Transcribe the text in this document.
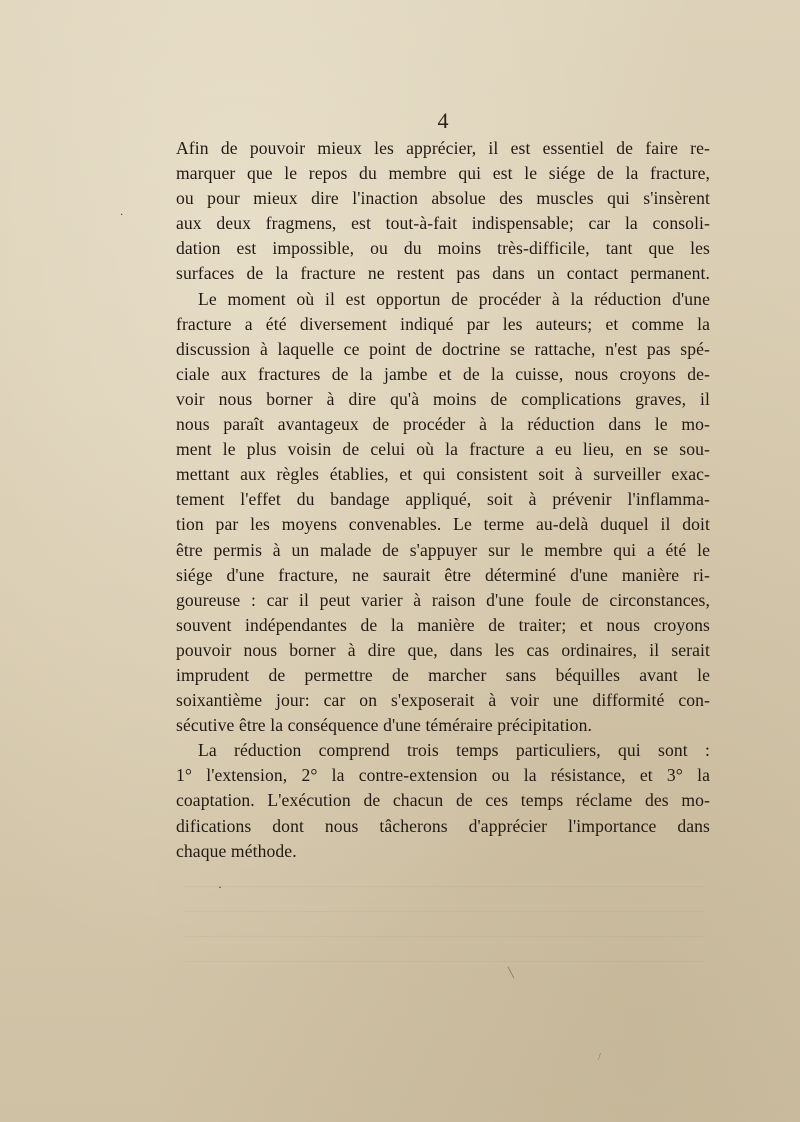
4
Afin de pouvoir mieux les apprécier, il est essentiel de faire re-
marquer que le repos du membre qui est le siége de la fracture,
ou pour mieux dire l'inaction absolue des muscles qui s'insèrent
aux deux fragmens, est tout-à-fait indispensable; car la consoli-
dation est impossible, ou du moins très-difficile, tant que les
surfaces de la fracture ne restent pas dans un contact permanent.
Le moment où il est opportun de procéder à la réduction d'une
fracture a été diversement indiqué par les auteurs; et comme la
discussion à laquelle ce point de doctrine se rattache, n'est pas spé-
ciale aux fractures de la jambe et de la cuisse, nous croyons de-
voir nous borner à dire qu'à moins de complications graves, il
nous paraît avantageux de procéder à la réduction dans le mo-
ment le plus voisin de celui où la fracture a eu lieu, en se sou-
mettant aux règles établies, et qui consistent soit à surveiller exac-
tement l'effet du bandage appliqué, soit à prévenir l'inflamma-
tion par les moyens convenables. Le terme au-delà duquel il doit
être permis à un malade de s'appuyer sur le membre qui a été le
siége d'une fracture, ne saurait être déterminé d'une manière ri-
goureuse : car il peut varier à raison d'une foule de circonstances,
souvent indépendantes de la manière de traiter; et nous croyons
pouvoir nous borner à dire que, dans les cas ordinaires, il serait
imprudent de permettre de marcher sans béquilles avant le
soixantième jour: car on s'exposerait à voir une difformité con-
sécutive être la conséquence d'une téméraire précipitation.
La réduction comprend trois temps particuliers, qui sont :
1° l'extension, 2° la contre-extension ou la résistance, et 3° la
coaptation. L'exécution de chacun de ces temps réclame des mo-
difications dont nous tâcherons d'apprécier l'importance dans
chaque méthode.
·
·
╲
/
